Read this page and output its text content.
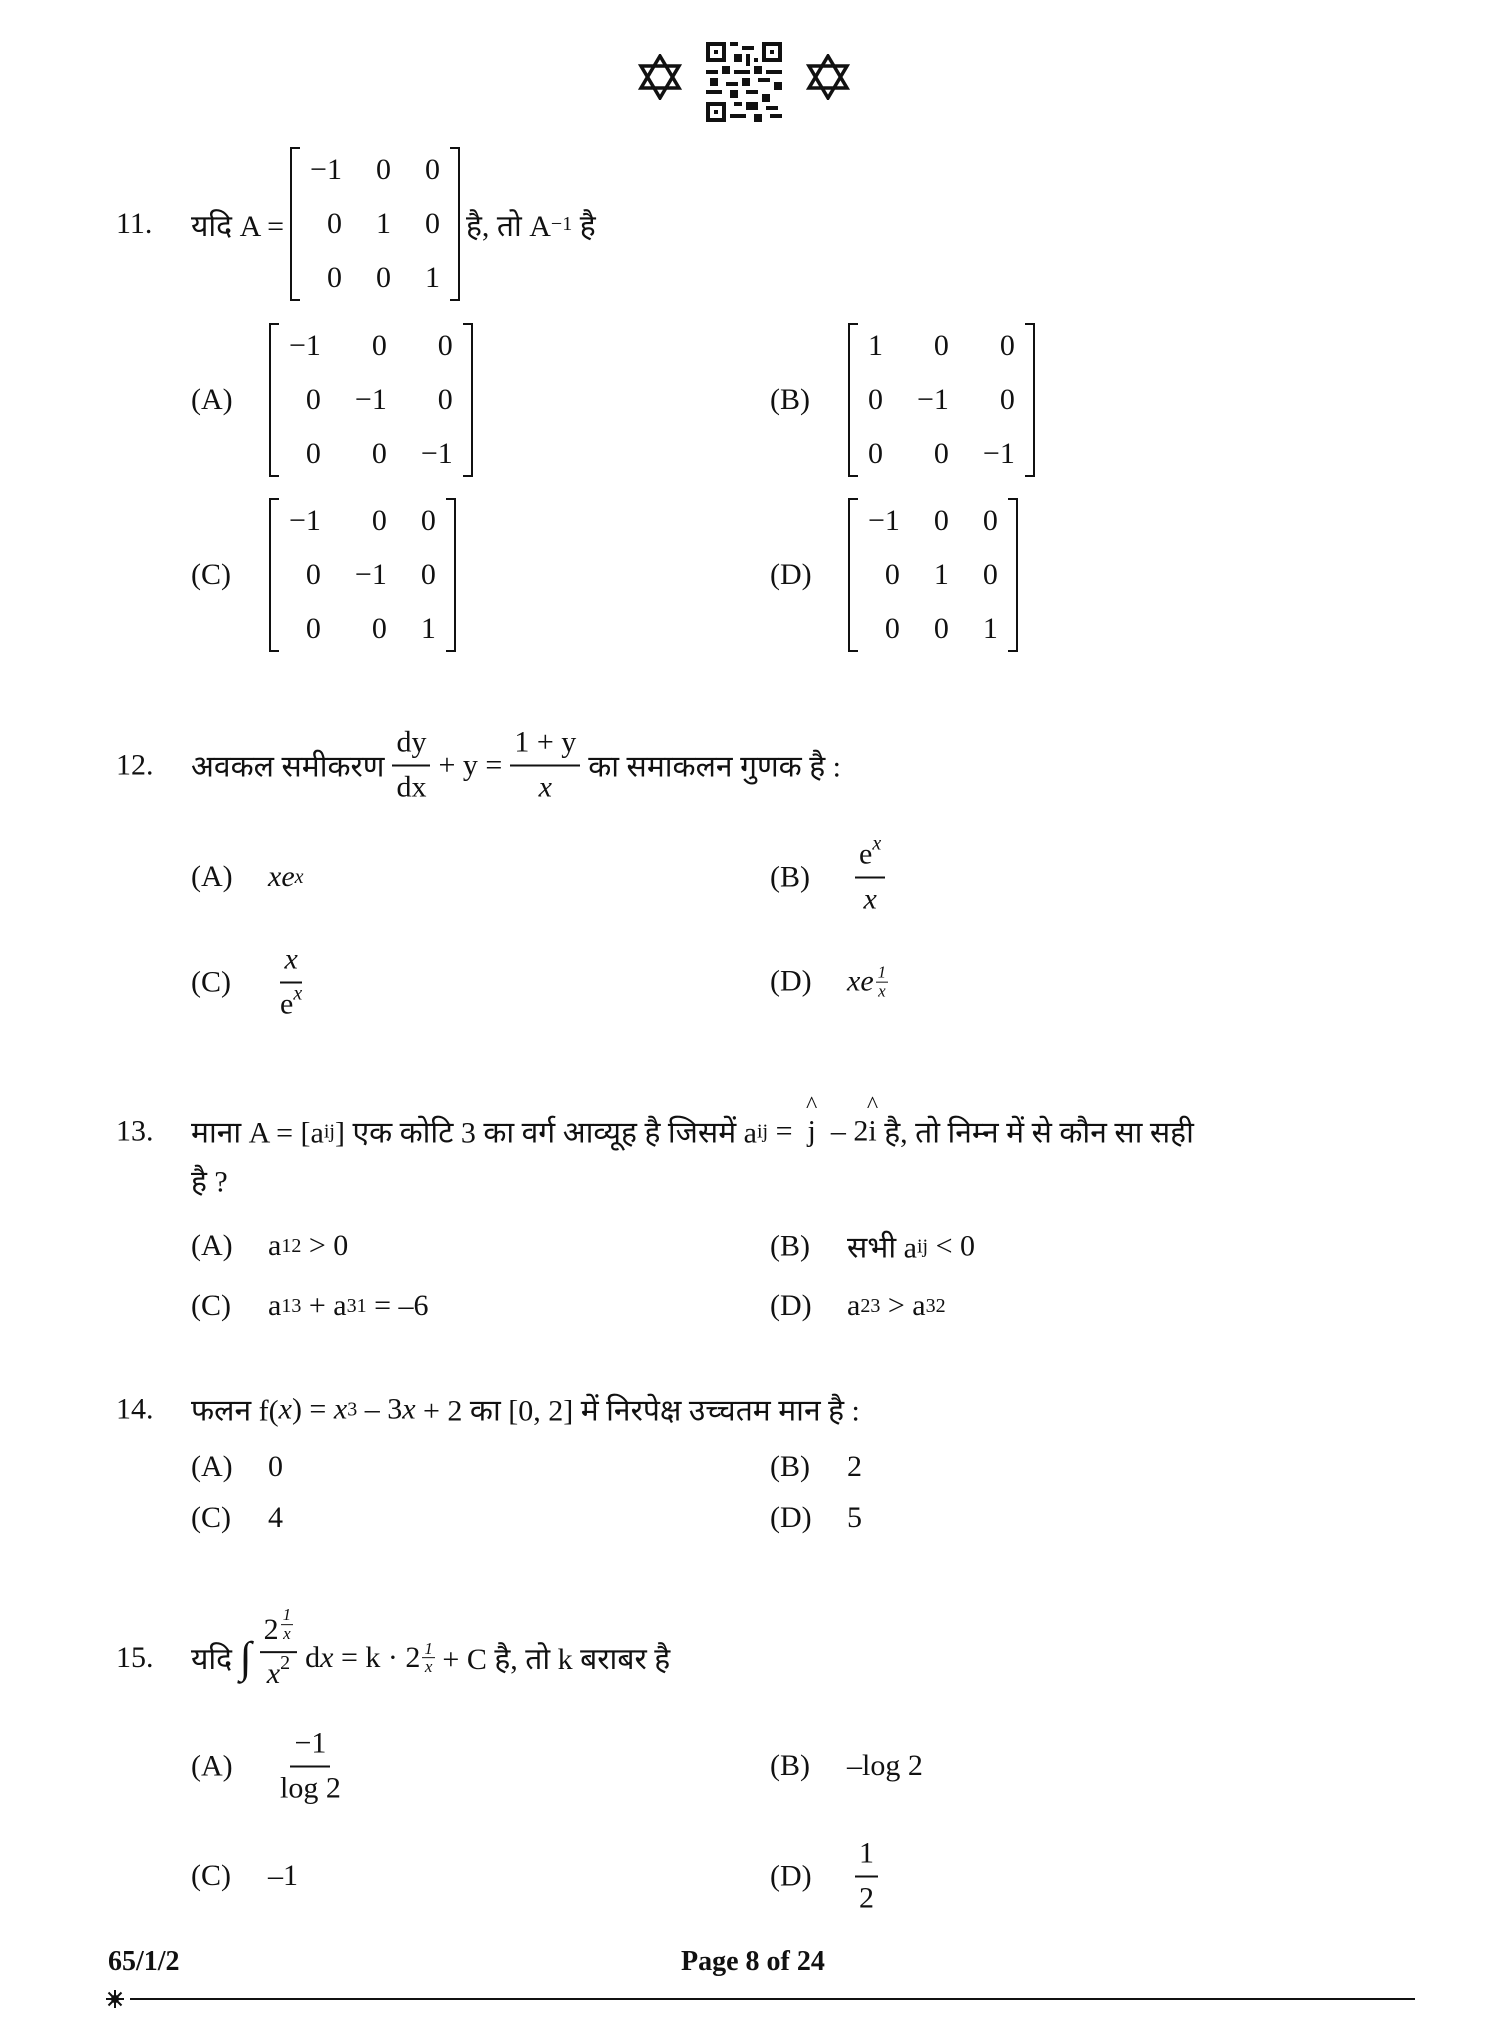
11.	यदि A =
−1 0 0
0 1 0
0 0 1
है, तो A −1
है
(A)
−1 0 0
0 −1 0
0 0 −1
(B)
1 0 0
0 −1 0
0 0 −1
(C)
−1 0 0
0 −1 0
0 0 1
(D)
−1 0 0
0 1 0
0 0 1
12.	अवकल समीकरण $\frac{dy}{dx} + y = \frac{1 + y}{x}$ का समाकलन गुणक है :
(A)	xe x	(B)	$\frac{e^x}{x}$
(C)	$\frac{x}{e^x}$	(D)	xe $\frac{1}{x}$
13.	माना A = [a ij ] एक कोटि 3 का वर्ग आव्यूह है जिसमें a ij
=
^ j
– 2 ^ i
है, तो निम्न में से कौन सा सही
है ?
(A)	a 12
> 0	(B)	सभी a ij
< 0
(C)	a 13
+ a 31
= –6	(D)	a 23
> a 32
14.	फलन f( x ) =
x 3
– 3 x
+ 2 का [0, 2] में निरपेक्ष उच्चतम मान है :
(A)	0	(B)	2
(C)	4	(D)	5
15.	यदि
∫ $\frac{2 \frac{1}{x}}{x^2}$ d x
= $k \cdot 2 \frac{1}{x}$
+ C है, तो k बराबर है
(A)	$\frac{-1}{\log 2}$	(B)	–log 2
(C)	–1	(D)	$\frac{1}{2}$
65/1/2	Page 8 of 24
